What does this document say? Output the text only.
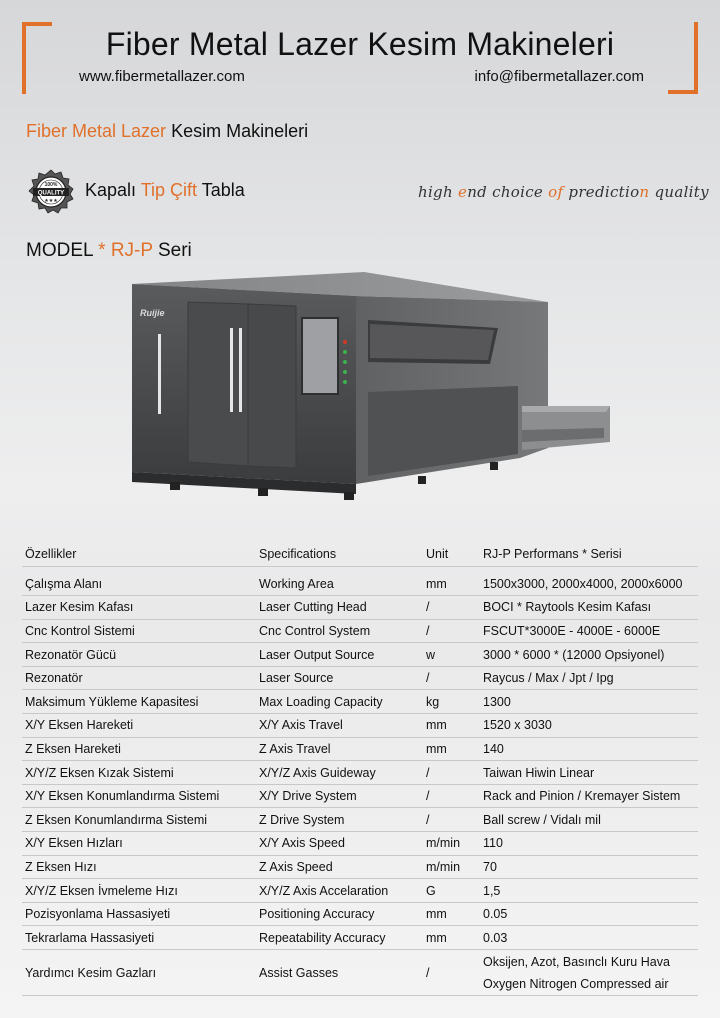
Fiber Metal Lazer Kesim Makineleri
www.fibermetallazer.com	info@fibermetallazer.com
Fiber Metal Lazer Kesim Makineleri
100%
QUALITY
★★★
Kapalı Tip Çift Tabla	high end choice of prediction quality
MODEL * RJ-P Seri
Ruijie
Özellikler	Specifications	Unit	RJ-P Performans * Serisi

Çalışma Alanı	Working Area	mm	1500x3000, 2000x4000, 2000x6000
Lazer Kesim Kafası	Laser Cutting Head	/	BOCI * Raytools Kesim Kafası
Cnc Kontrol Sistemi	Cnc Control System	/	FSCUT*3000E - 4000E - 6000E
Rezonatör Gücü	Laser Output Source	w	3000 * 6000 * (12000 Opsiyonel)
Rezonatör	Laser Source	/	Raycus / Max / Jpt / Ipg
Maksimum Yükleme Kapasitesi	Max Loading Capacity	kg	1300
X/Y Eksen Hareketi	X/Y Axis Travel	mm	1520 x 3030
Z Eksen Hareketi	Z Axis Travel	mm	140
X/Y/Z Eksen Kızak Sistemi	X/Y/Z Axis Guideway	/	Taiwan Hiwin Linear
X/Y Eksen Konumlandırma Sistemi	X/Y Drive System	/	Rack and Pinion / Kremayer Sistem
Z Eksen Konumlandırma Sistemi	Z Drive System	/	Ball screw / Vidalı mil
X/Y Eksen Hızları	X/Y Axis Speed	m/min	110
Z Eksen Hızı	Z Axis Speed	m/min	70
X/Y/Z Eksen İvmeleme Hızı	X/Y/Z Axis Accelaration	G	1,5
Pozisyonlama Hassasiyeti	Positioning Accuracy	mm	0.05
Tekrarlama Hassasiyeti	Repeatability Accuracy	mm	0.03
Yardımcı Kesim Gazları	Assist Gasses	/	Oksijen, Azot, Basınclı Kuru Hava
Oxygen Nitrogen Compressed air
